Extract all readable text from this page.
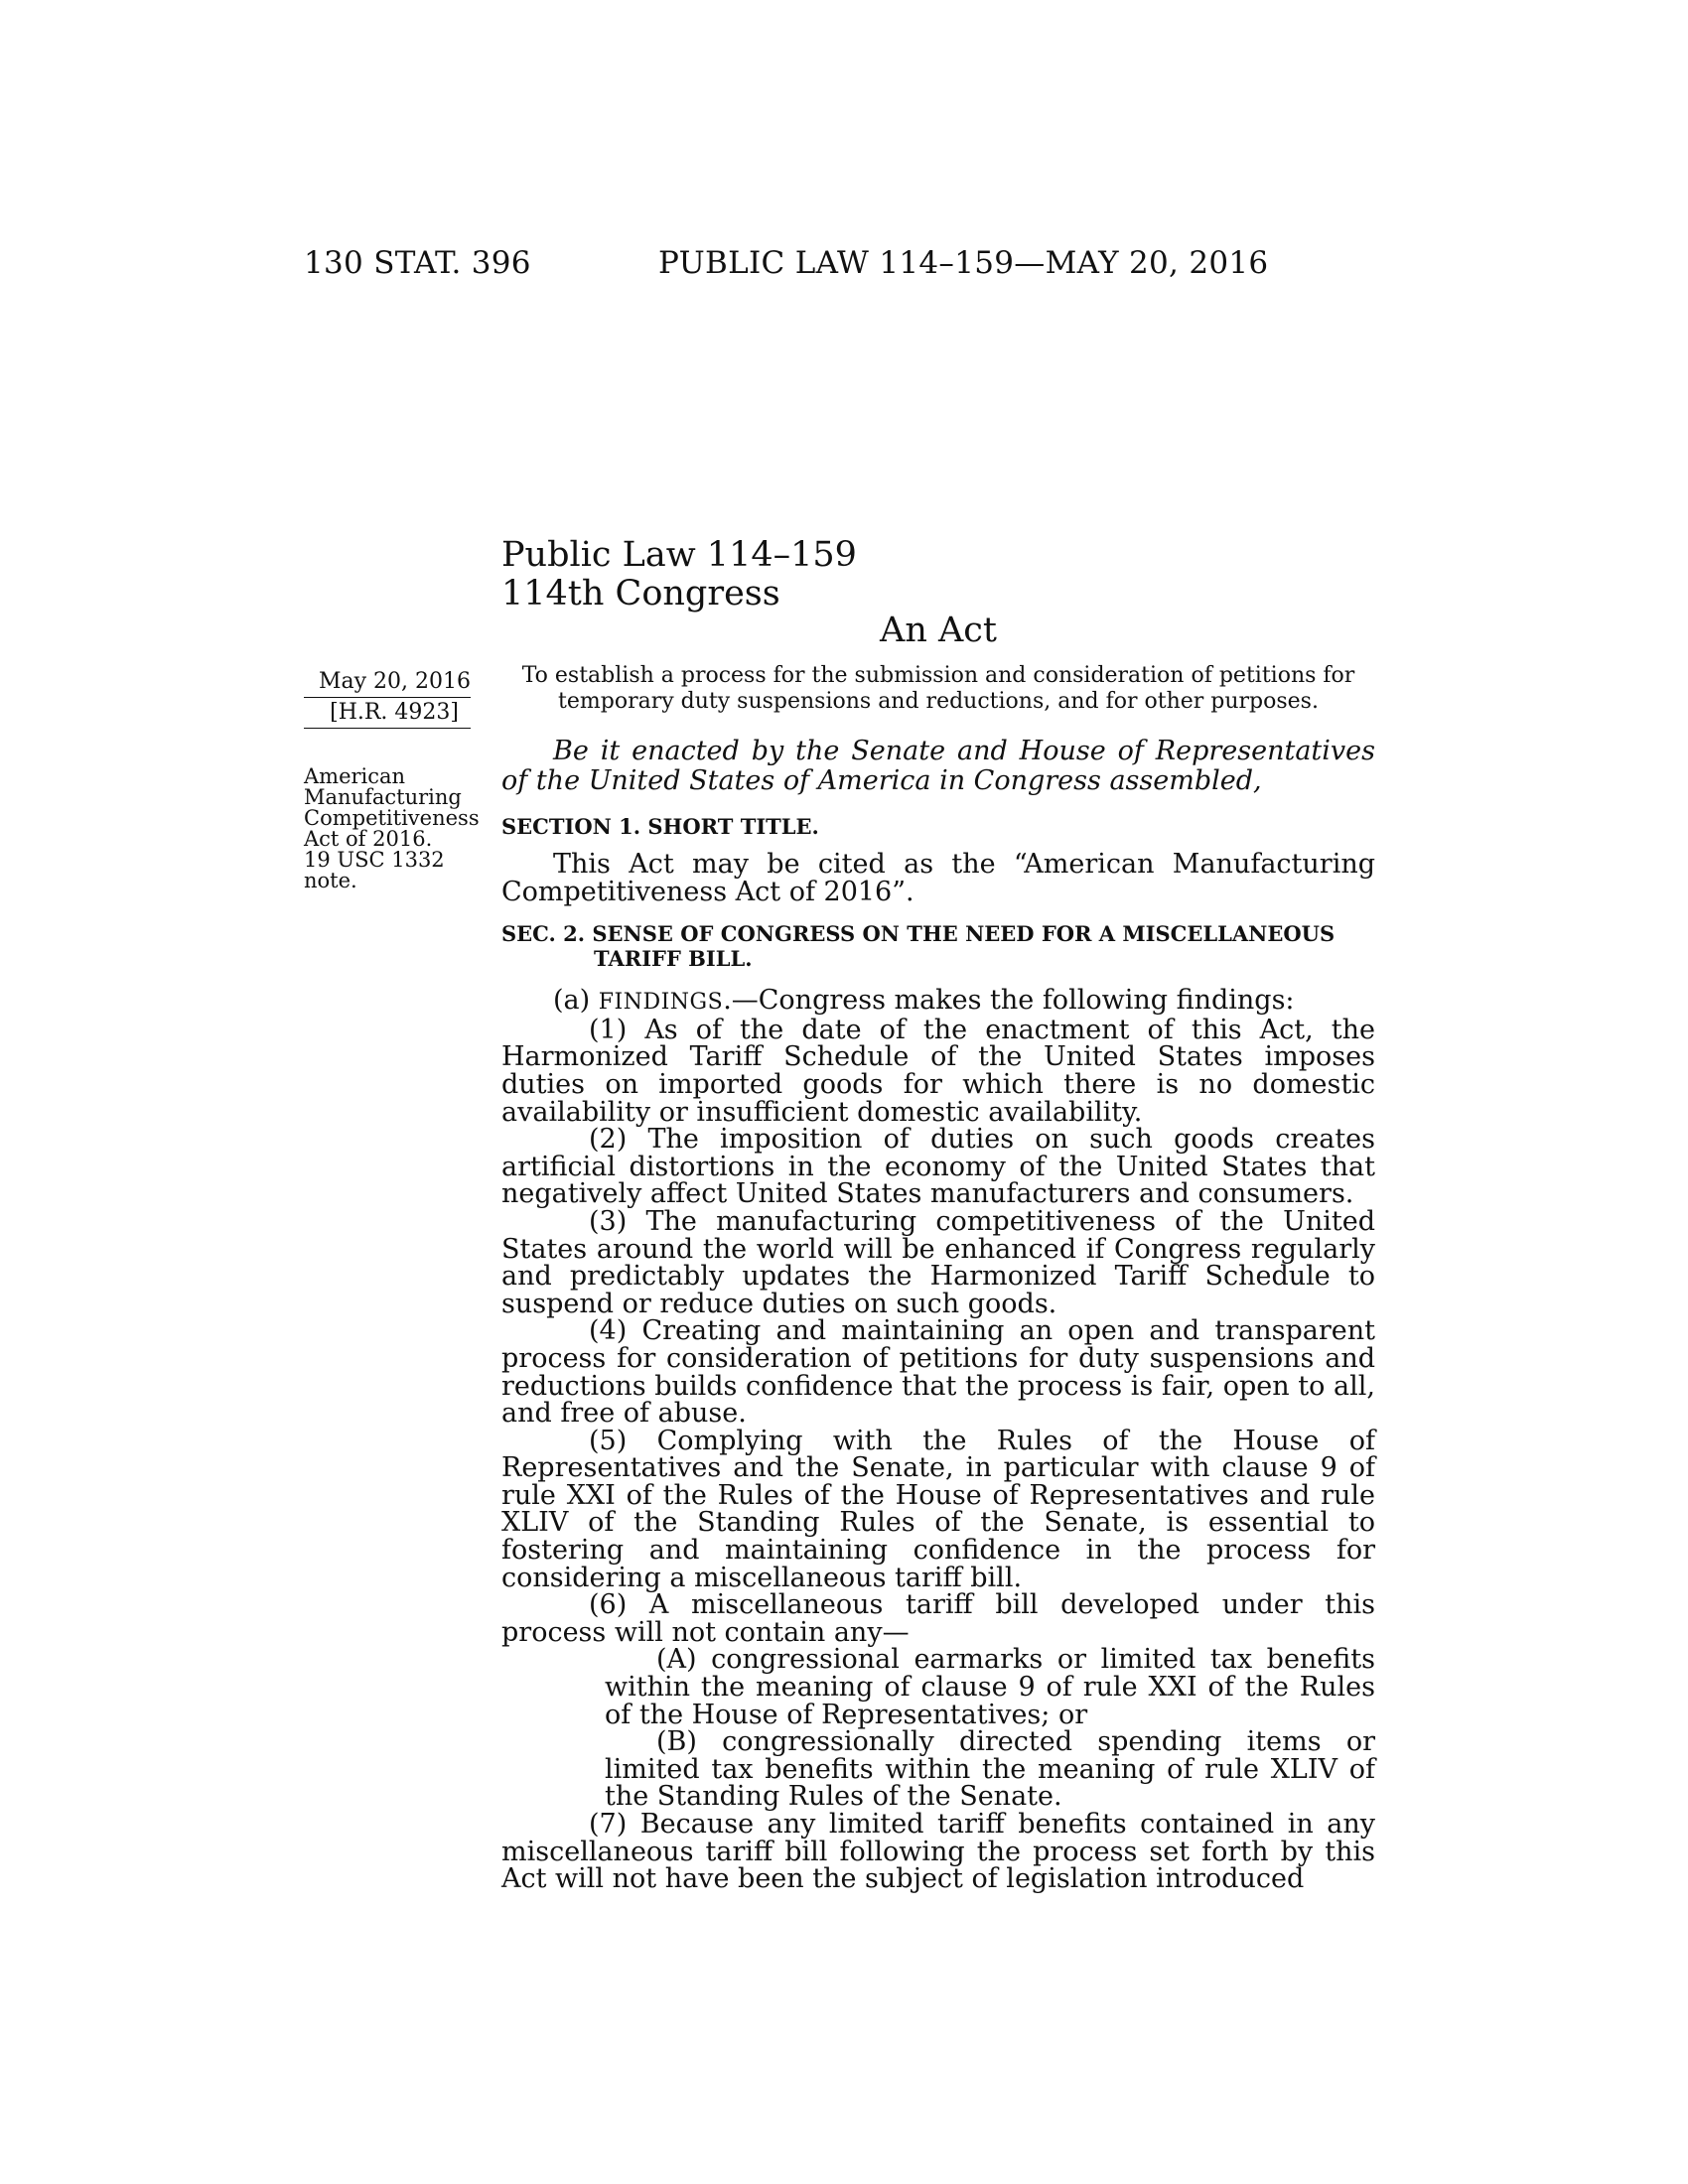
130 STAT. 396	PUBLIC LAW 114–159—MAY 20, 2016
Public Law 114–159
114th Congress
An Act
May 20, 2016
[H.R. 4923]
American
Manufacturing
Competitiveness
Act of 2016.
19 USC 1332
note.

To establish a process for the submission and consideration of petitions for temporary duty suspensions and reductions, and for other purposes.

Be it enacted by the Senate and House of Representatives of the United States of America in Congress assembled,

SECTION 1. SHORT TITLE.

This Act may be cited as the “American Manufacturing Competitiveness Act of 2016”.

SEC. 2. SENSE OF CONGRESS ON THE NEED FOR A MISCELLANEOUS TARIFF BILL.

(a) FINDINGS.—Congress makes the following findings:

(1) As of the date of the enactment of this Act, the Harmonized Tariff Schedule of the United States imposes duties on imported goods for which there is no domestic availability or insufficient domestic availability.

(2) The imposition of duties on such goods creates artificial distortions in the economy of the United States that negatively affect United States manufacturers and consumers.

(3) The manufacturing competitiveness of the United States around the world will be enhanced if Congress regularly and predictably updates the Harmonized Tariff Schedule to suspend or reduce duties on such goods.

(4) Creating and maintaining an open and transparent process for consideration of petitions for duty suspensions and reductions builds confidence that the process is fair, open to all, and free of abuse.

(5) Complying with the Rules of the House of Representatives and the Senate, in particular with clause 9 of rule XXI of the Rules of the House of Representatives and rule XLIV of the Standing Rules of the Senate, is essential to fostering and maintaining confidence in the process for considering a miscellaneous tariff bill.

(6) A miscellaneous tariff bill developed under this process will not contain any—

(A) congressional earmarks or limited tax benefits within the meaning of clause 9 of rule XXI of the Rules of the House of Representatives; or

(B) congressionally directed spending items or limited tax benefits within the meaning of rule XLIV of the Standing Rules of the Senate.

(7) Because any limited tariff benefits contained in any miscellaneous tariff bill following the process set forth by this Act will not have been the subject of legislation introduced
